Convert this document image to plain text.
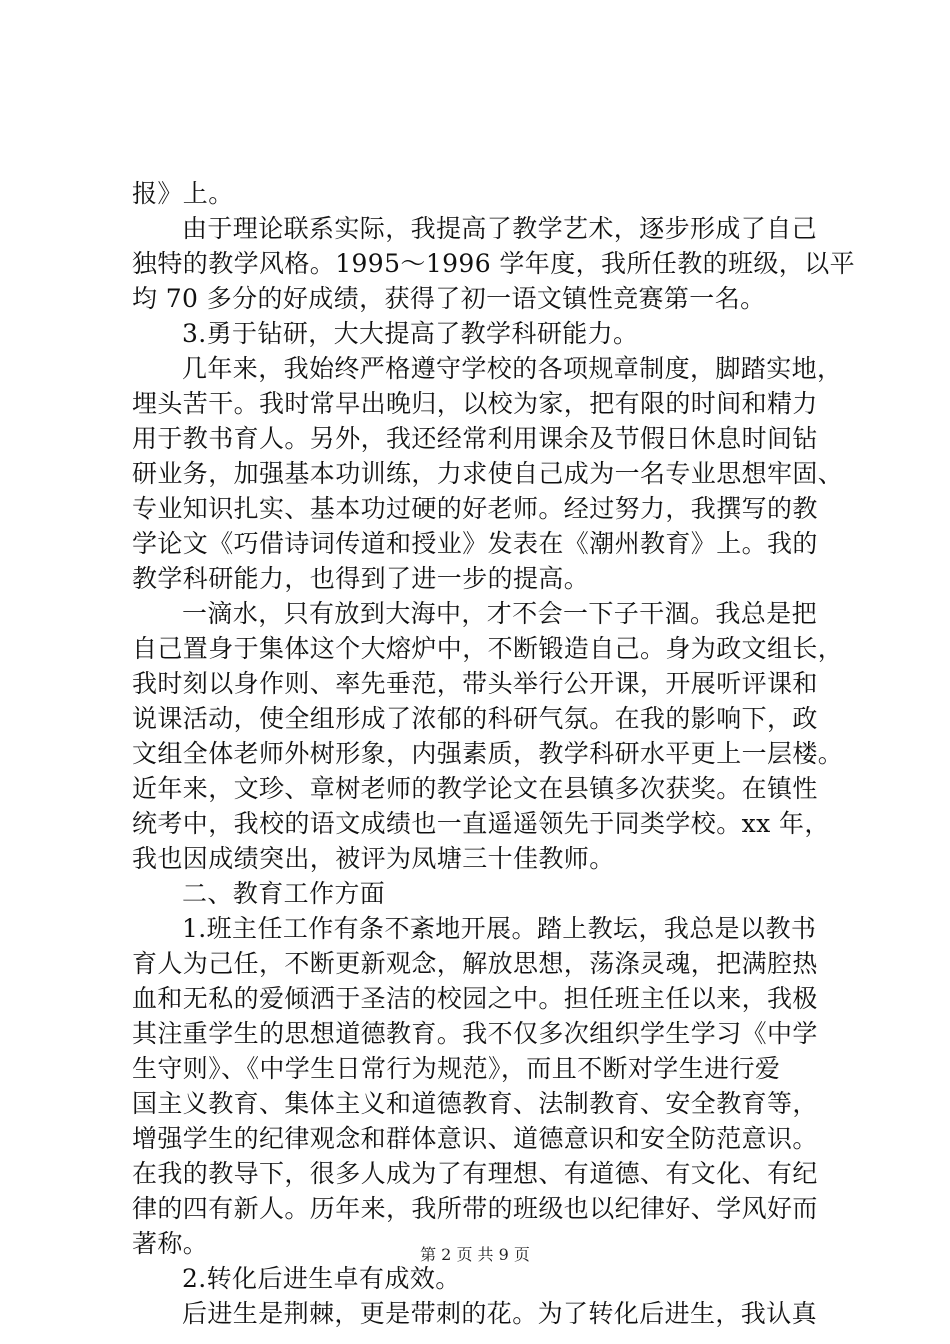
报》上。
由于理论联系实际，我提高了教学艺术，逐步形成了自己
独特的教学风格。1995～1996 学年度，我所任教的班级，以平
均 70 多分的好成绩，获得了初一语文镇性竞赛第一名。
3.勇于钻研，大大提高了教学科研能力。
几年来，我始终严格遵守学校的各项规章制度，脚踏实地，
埋头苦干。我时常早出晚归，以校为家，把有限的时间和精力
用于教书育人。另外，我还经常利用课余及节假日休息时间钻
研业务，加强基本功训练，力求使自己成为一名专业思想牢固、
专业知识扎实、基本功过硬的好老师。经过努力，我撰写的教
学论文《巧借诗词传道和授业》发表在《潮州教育》上。我的
教学科研能力，也得到了进一步的提高。
一滴水，只有放到大海中，才不会一下子干涸。我总是把
自己置身于集体这个大熔炉中，不断锻造自己。身为政文组长，
我时刻以身作则、率先垂范，带头举行公开课，开展听评课和
说课活动，使全组形成了浓郁的科研气氛。在我的影响下，政
文组全体老师外树形象，内强素质，教学科研水平更上一层楼。
近年来，文珍、章树老师的教学论文在县镇多次获奖。在镇性
统考中，我校的语文成绩也一直遥遥领先于同类学校。xx 年，
我也因成绩突出，被评为凤塘三十佳教师。
二、教育工作方面
1.班主任工作有条不紊地开展。踏上教坛，我总是以教书
育人为己任，不断更新观念，解放思想，荡涤灵魂，把满腔热
血和无私的爱倾洒于圣洁的校园之中。担任班主任以来，我极
其注重学生的思想道德教育。我不仅多次组织学生学习《中学
生守则》、《中学生日常行为规范》，而且不断对学生进行爱
国主义教育、集体主义和道德教育、法制教育、安全教育等，
增强学生的纪律观念和群体意识、道德意识和安全防范意识。
在我的教导下，很多人成为了有理想、有道德、有文化、有纪
律的四有新人。历年来，我所带的班级也以纪律好、学风好而
著称。
2.转化后进生卓有成效。
后进生是荆棘，更是带刺的花。为了转化后进生，我认真
第 2 页 共 9 页
